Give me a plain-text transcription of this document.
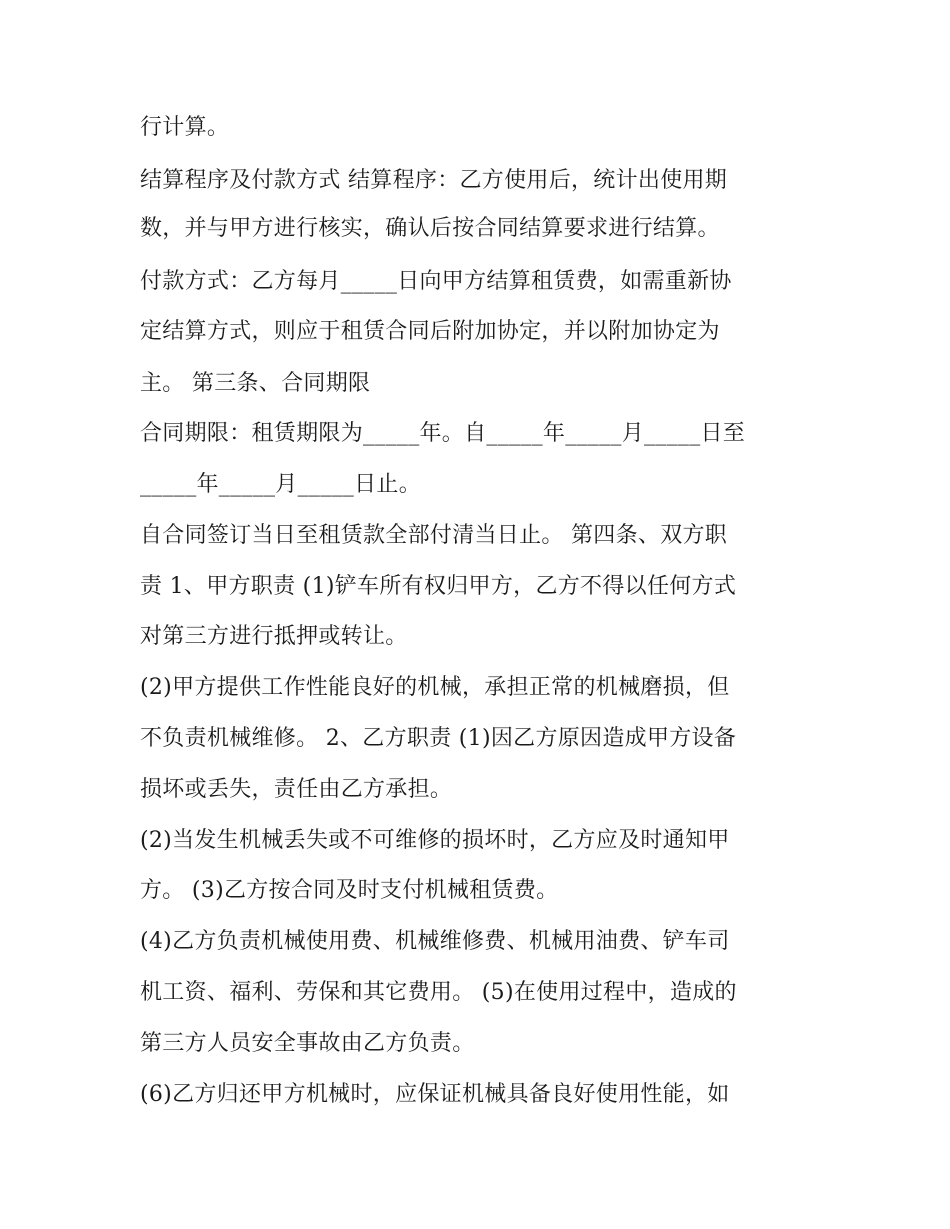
行计算。
结算程序及付款方式 结算程序：乙方使用后，统计出使用期
数，并与甲方进行核实，确认后按合同结算要求进行结算。
付款方式：乙方每月_____日向甲方结算租赁费，如需重新协
定结算方式，则应于租赁合同后附加协定，并以附加协定为
主。 第三条、合同期限
合同期限：租赁期限为_____年。自_____年_____月_____日至
_____年_____月_____日止。
自合同签订当日至租赁款全部付清当日止。 第四条、双方职
责 1、甲方职责 (1)铲车所有权归甲方，乙方不得以任何方式
对第三方进行抵押或转让。
(2)甲方提供工作性能良好的机械，承担正常的机械磨损，但
不负责机械维修。 2、乙方职责 (1)因乙方原因造成甲方设备
损坏或丢失，责任由乙方承担。
(2)当发生机械丢失或不可维修的损坏时，乙方应及时通知甲
方。 (3)乙方按合同及时支付机械租赁费。
(4)乙方负责机械使用费、机械维修费、机械用油费、铲车司
机工资、福利、劳保和其它费用。 (5)在使用过程中，造成的
第三方人员安全事故由乙方负责。
(6)乙方归还甲方机械时，应保证机械具备良好使用性能，如
